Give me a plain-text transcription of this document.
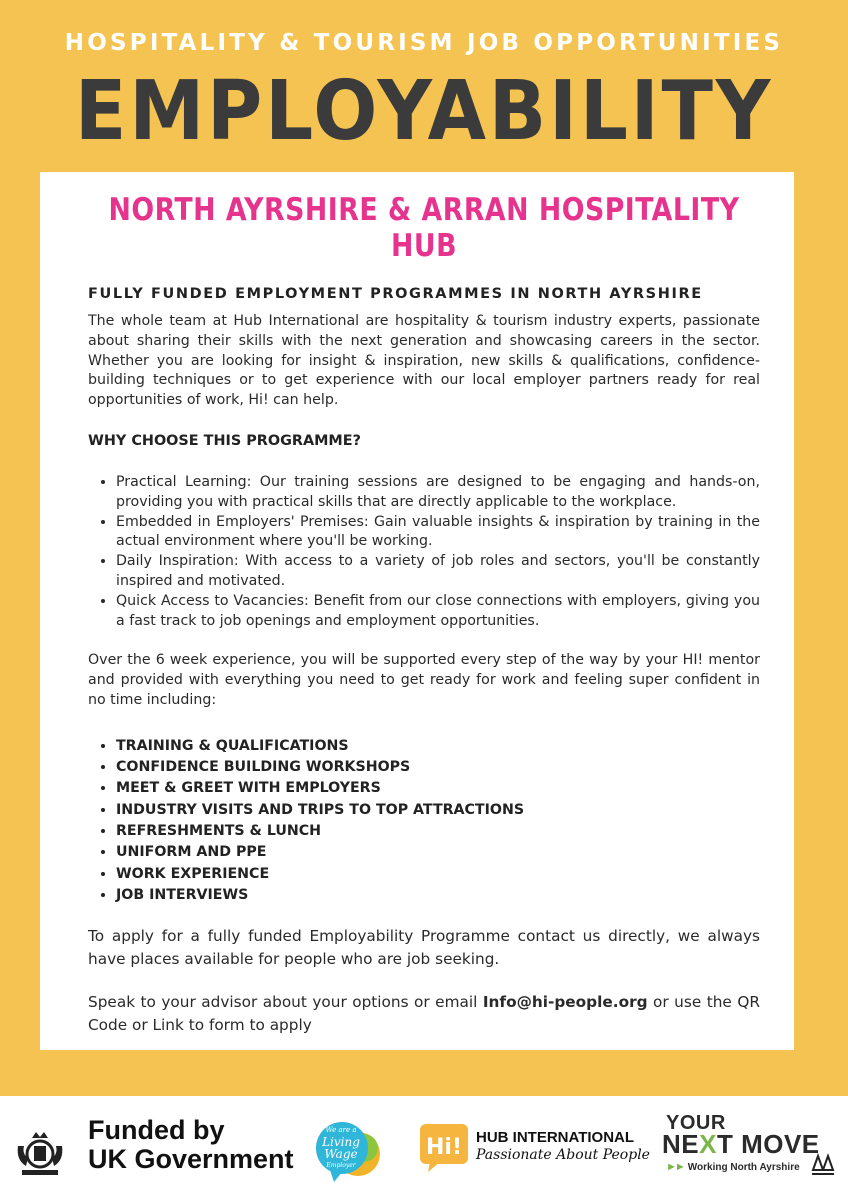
HOSPITALITY & TOURISM JOB OPPORTUNITIES
EMPLOYABILITY
NORTH AYRSHIRE & ARRAN HOSPITALITY HUB
FULLY FUNDED EMPLOYMENT PROGRAMMES IN NORTH AYRSHIRE

The whole team at Hub International are hospitality & tourism industry experts, passionate about sharing their skills with the next generation and showcasing careers in the sector. Whether you are looking for insight & inspiration, new skills & qualifications, confidence-building techniques or to get experience with our local employer partners ready for real opportunities of work, Hi! can help.

WHY CHOOSE THIS PROGRAMME?
• Practical Learning: Our training sessions are designed to be engaging and hands-on, providing you with practical skills that are directly applicable to the workplace.
• Embedded in Employers' Premises: Gain valuable insights & inspiration by training in the actual environment where you'll be working.
• Daily Inspiration: With access to a variety of job roles and sectors, you'll be constantly inspired and motivated.
• Quick Access to Vacancies: Benefit from our close connections with employers, giving you a fast track to job openings and employment opportunities.

Over the 6 week experience, you will be supported every step of the way by your HI! mentor and provided with everything you need to get ready for work and feeling super confident in no time including:

• TRAINING & QUALIFICATIONS
• CONFIDENCE BUILDING WORKSHOPS
• MEET & GREET WITH EMPLOYERS
• INDUSTRY VISITS AND TRIPS TO TOP ATTRACTIONS
• REFRESHMENTS & LUNCH
• UNIFORM AND PPE
• WORK EXPERIENCE
• JOB INTERVIEWS

To apply for a fully funded Employability Programme contact us directly, we always have places available for people who are job seeking.

Speak to your advisor about your options or email Info@hi-people.org or use the QR Code or Link to form to apply

Funded by
UK Government
We are a
Living Wage
Employer
Hi! HUB INTERNATIONAL
Passionate About People
YOUR
NEXT MOVE
►► Working North Ayrshire
